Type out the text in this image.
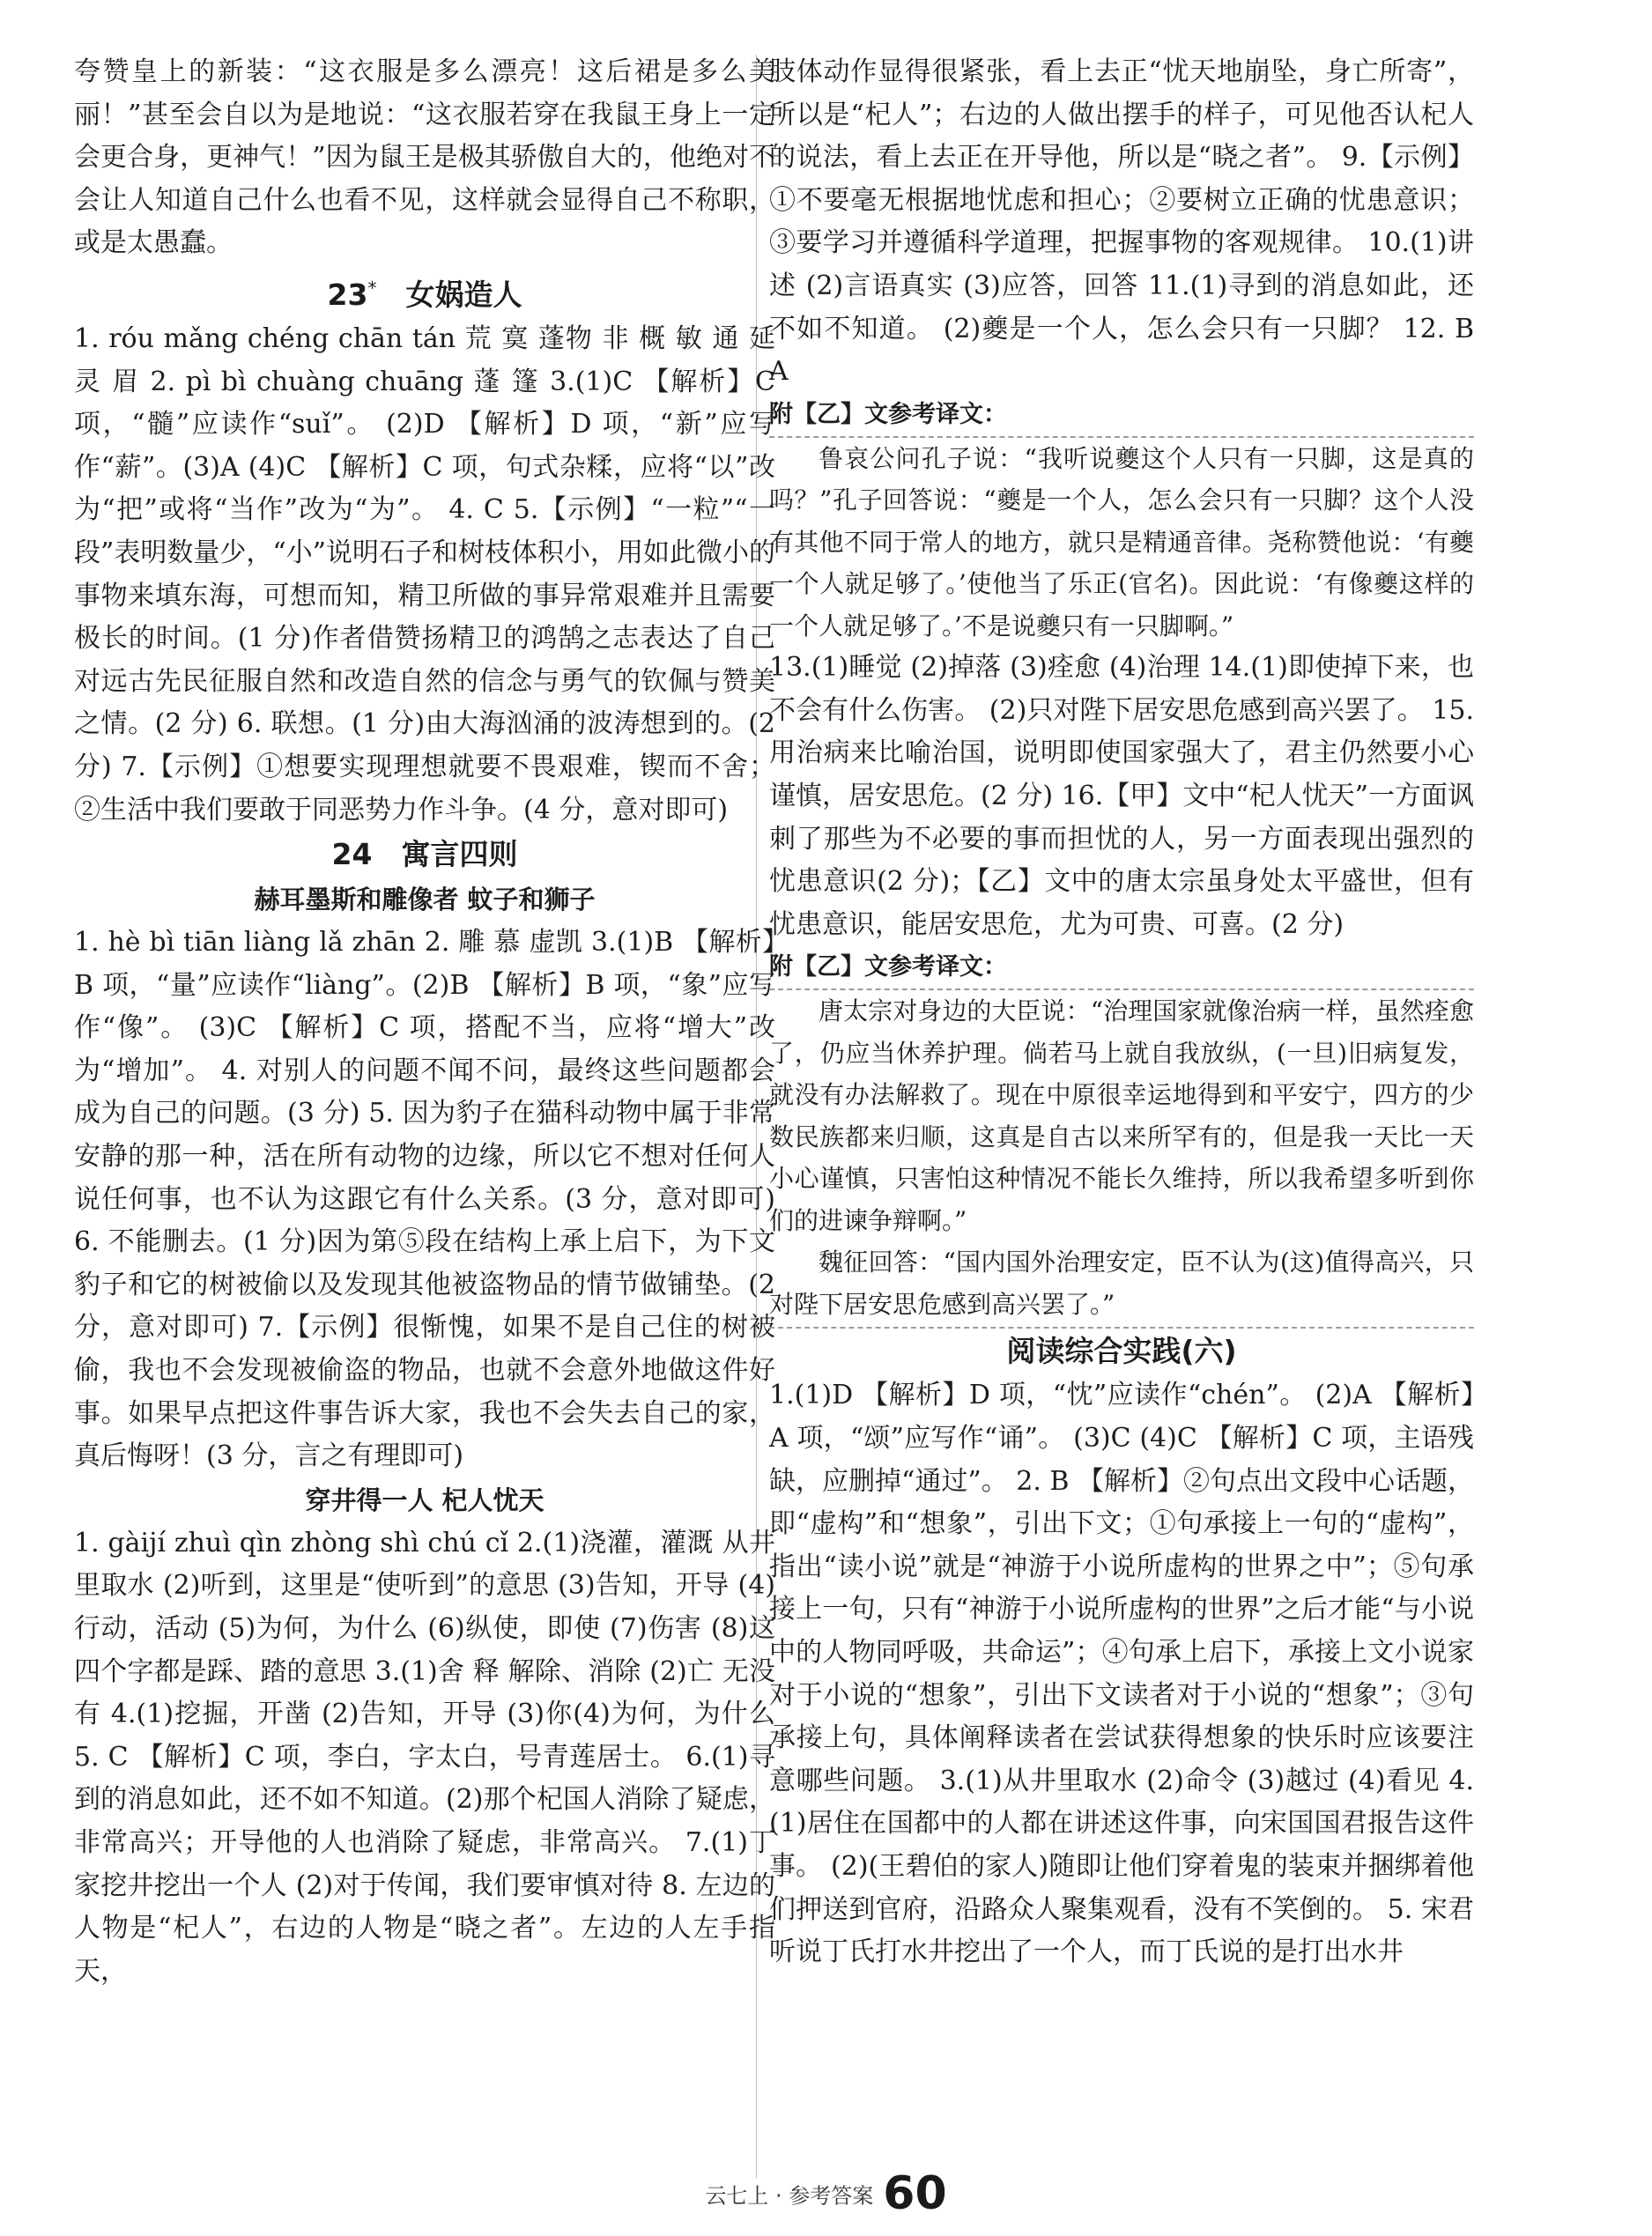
夸赞皇上的新装：“这衣服是多么漂亮！这后裙是多么美丽！”甚至会自以为是地说：“这衣服若穿在我鼠王身上一定会更合身，更神气！”因为鼠王是极其骄傲自大的，他绝对不会让人知道自己什么也看不见，这样就会显得自己不称职，或是太愚蠢。

23*  女娲造人

1. róu mǎng chéng chān tán 荒 寞 蓬物 非 概 敏 通 延 灵 眉 2. pì bì chuàng chuāng 蓬 篷 3.(1)C 【解析】C 项，“髓”应读作“suǐ”。 (2)D 【解析】D 项，“新”应写作“薪”。(3)A (4)C 【解析】C 项，句式杂糅，应将“以”改为“把”或将“当作”改为“为”。 4. C 5.【示例】“一粒”“一段”表明数量少，“小”说明石子和树枝体积小，用如此微小的事物来填东海，可想而知，精卫所做的事异常艰难并且需要极长的时间。(1 分)作者借赞扬精卫的鸿鹄之志表达了自己对远古先民征服自然和改造自然的信念与勇气的钦佩与赞美之情。(2 分) 6. 联想。(1 分)由大海汹涌的波涛想到的。(2 分) 7.【示例】①想要实现理想就要不畏艰难，锲而不舍；②生活中我们要敢于同恶势力作斗争。(4 分，意对即可)

24  寓言四则

赫耳墨斯和雕像者 蚊子和狮子

1. hè bì tiān liàng lǎ zhān 2. 雕 慕 虚凯 3.(1)B 【解析】B 项，“量”应读作“liàng”。(2)B 【解析】B 项，“象”应写作“像”。 (3)C 【解析】C 项，搭配不当，应将“增大”改为“增加”。 4. 对别人的问题不闻不问，最终这些问题都会成为自己的问题。(3 分) 5. 因为豹子在猫科动物中属于非常安静的那一种，活在所有动物的边缘，所以它不想对任何人说任何事，也不认为这跟它有什么关系。(3 分，意对即可) 6. 不能删去。(1 分)因为第⑤段在结构上承上启下，为下文豹子和它的树被偷以及发现其他被盗物品的情节做铺垫。(2 分，意对即可) 7.【示例】很惭愧，如果不是自己住的树被偷，我也不会发现被偷盗的物品，也就不会意外地做这件好事。如果早点把这件事告诉大家，我也不会失去自己的家，真后悔呀！(3 分，言之有理即可)

穿井得一人 杞人忧天

1. gàijí zhuì qìn zhòng shì chú cǐ 2.(1)浇灌，灌溉 从井里取水 (2)听到，这里是“使听到”的意思 (3)告知，开导 (4)行动，活动 (5)为何，为什么 (6)纵使，即使 (7)伤害 (8)这四个字都是踩、踏的意思 3.(1)舍 释 解除、消除 (2)亡 无没有 4.(1)挖掘，开凿 (2)告知，开导 (3)你(4)为何，为什么 5. C 【解析】C 项，李白，字太白，号青莲居士。 6.(1)寻到的消息如此，还不如不知道。(2)那个杞国人消除了疑虑，非常高兴；开导他的人也消除了疑虑，非常高兴。 7.(1)丁家挖井挖出一个人 (2)对于传闻，我们要审慎对待 8. 左边的人物是“杞人”，右边的人物是“晓之者”。左边的人左手指天，

肢体动作显得很紧张，看上去正“忧天地崩坠，身亡所寄”，所以是“杞人”；右边的人做出摆手的样子，可见他否认杞人的说法，看上去正在开导他，所以是“晓之者”。 9.【示例】①不要毫无根据地忧虑和担心；②要树立正确的忧患意识；③要学习并遵循科学道理，把握事物的客观规律。 10.(1)讲述 (2)言语真实 (3)应答，回答 11.(1)寻到的消息如此，还不如不知道。 (2)夔是一个人，怎么会只有一只脚？ 12. B A

附【乙】文参考译文：

鲁哀公问孔子说：“我听说夔这个人只有一只脚，这是真的吗？”孔子回答说：“夔是一个人，怎么会只有一只脚？这个人没有其他不同于常人的地方，就只是精通音律。尧称赞他说：‘有夔一个人就足够了。’使他当了乐正(官名)。因此说：‘有像夔这样的一个人就足够了。’不是说夔只有一只脚啊。”

13.(1)睡觉 (2)掉落 (3)痊愈 (4)治理 14.(1)即使掉下来，也不会有什么伤害。 (2)只对陛下居安思危感到高兴罢了。 15. 用治病来比喻治国，说明即使国家强大了，君主仍然要小心谨慎，居安思危。(2 分) 16.【甲】文中“杞人忧天”一方面讽刺了那些为不必要的事而担忧的人，另一方面表现出强烈的忧患意识(2 分)；【乙】文中的唐太宗虽身处太平盛世，但有忧患意识，能居安思危，尤为可贵、可喜。(2 分)

附【乙】文参考译文：

唐太宗对身边的大臣说：“治理国家就像治病一样，虽然痊愈了，仍应当休养护理。倘若马上就自我放纵，(一旦)旧病复发，就没有办法解救了。现在中原很幸运地得到和平安宁，四方的少数民族都来归顺，这真是自古以来所罕有的，但是我一天比一天小心谨慎，只害怕这种情况不能长久维持，所以我希望多听到你们的进谏争辩啊。”

魏征回答：“国内国外治理安定，臣不认为(这)值得高兴，只对陛下居安思危感到高兴罢了。”

阅读综合实践(六)

1.(1)D 【解析】D 项，“忱”应读作“chén”。 (2)A 【解析】A 项，“颂”应写作“诵”。 (3)C (4)C 【解析】C 项，主语残缺，应删掉“通过”。 2. B 【解析】②句点出文段中心话题，即“虚构”和“想象”，引出下文；①句承接上一句的“虚构”，指出“读小说”就是“神游于小说所虚构的世界之中”；⑤句承接上一句，只有“神游于小说所虚构的世界”之后才能“与小说中的人物同呼吸，共命运”；④句承上启下，承接上文小说家对于小说的“想象”，引出下文读者对于小说的“想象”；③句承接上句，具体阐释读者在尝试获得想象的快乐时应该要注意哪些问题。 3.(1)从井里取水 (2)命令 (3)越过 (4)看见 4.(1)居住在国都中的人都在讲述这件事，向宋国国君报告这件事。 (2)(王碧伯的家人)随即让他们穿着鬼的装束并捆绑着他们押送到官府，沿路众人聚集观看，没有不笑倒的。 5. 宋君听说丁氏打水井挖出了一个人，而丁氏说的是打出水井

云七上 · 参考答案 60
